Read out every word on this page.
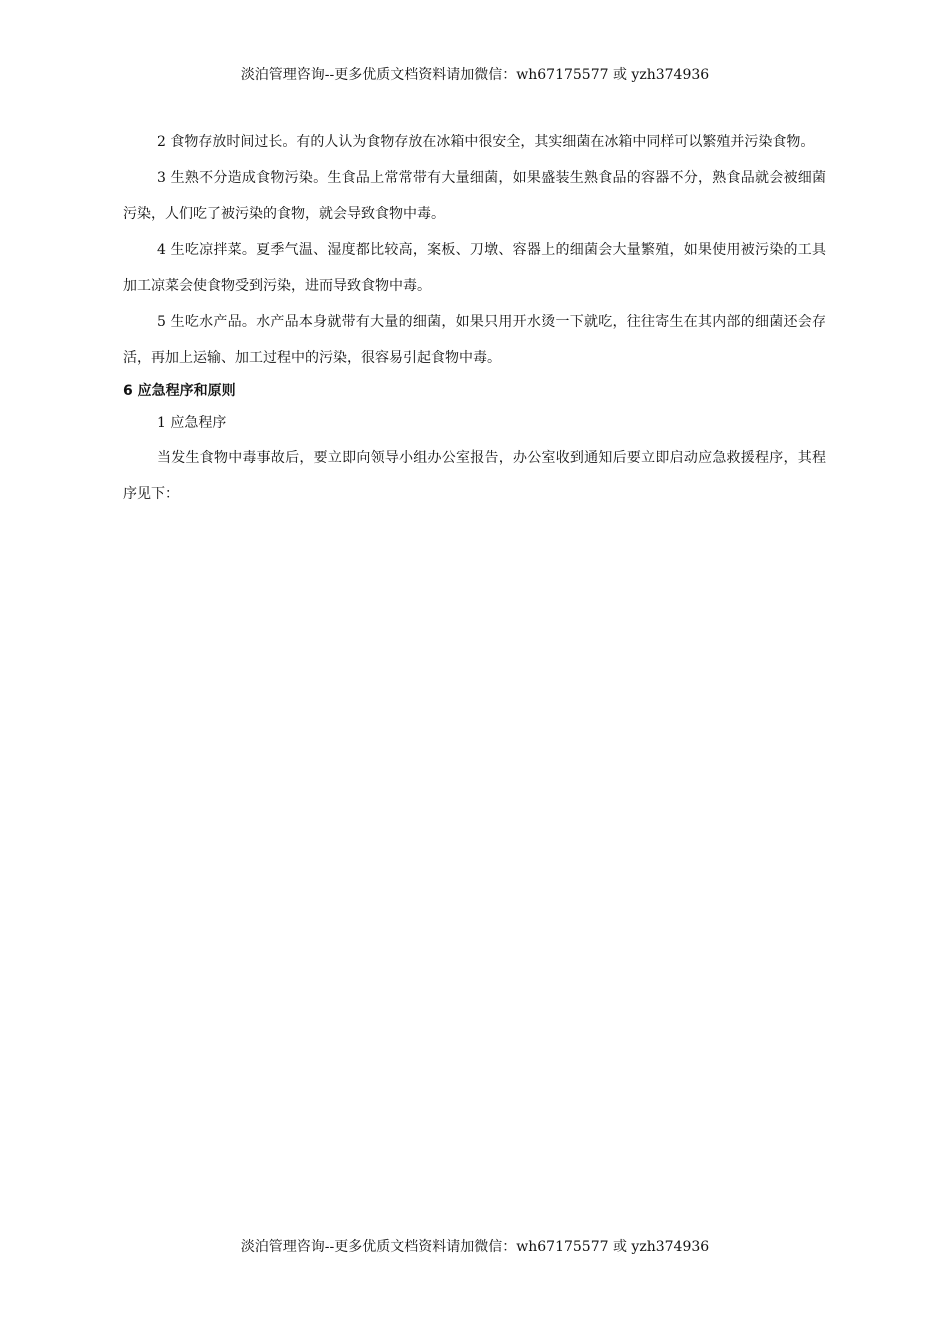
淡泊管理咨询--更多优质文档资料请加微信：wh67175577 或 yzh374936

2 食物存放时间过长。有的人认为食物存放在冰箱中很安全，其实细菌在冰箱中同样可以繁殖并污染食物。

3 生熟不分造成食物污染。生食品上常常带有大量细菌，如果盛装生熟食品的容器不分，熟食品就会被细菌污染，人们吃了被污染的食物，就会导致食物中毒。

4 生吃凉拌菜。夏季气温、湿度都比较高，案板、刀墩、容器上的细菌会大量繁殖，如果使用被污染的工具加工凉菜会使食物受到污染，进而导致食物中毒。

5 生吃水产品。水产品本身就带有大量的细菌，如果只用开水烫一下就吃，往往寄生在其内部的细菌还会存活，再加上运输、加工过程中的污染，很容易引起食物中毒。

6 应急程序和原则

1 应急程序

当发生食物中毒事故后，要立即向领导小组办公室报告，办公室收到通知后要立即启动应急救援程序，其程序见下：

淡泊管理咨询--更多优质文档资料请加微信：wh67175577 或 yzh374936
